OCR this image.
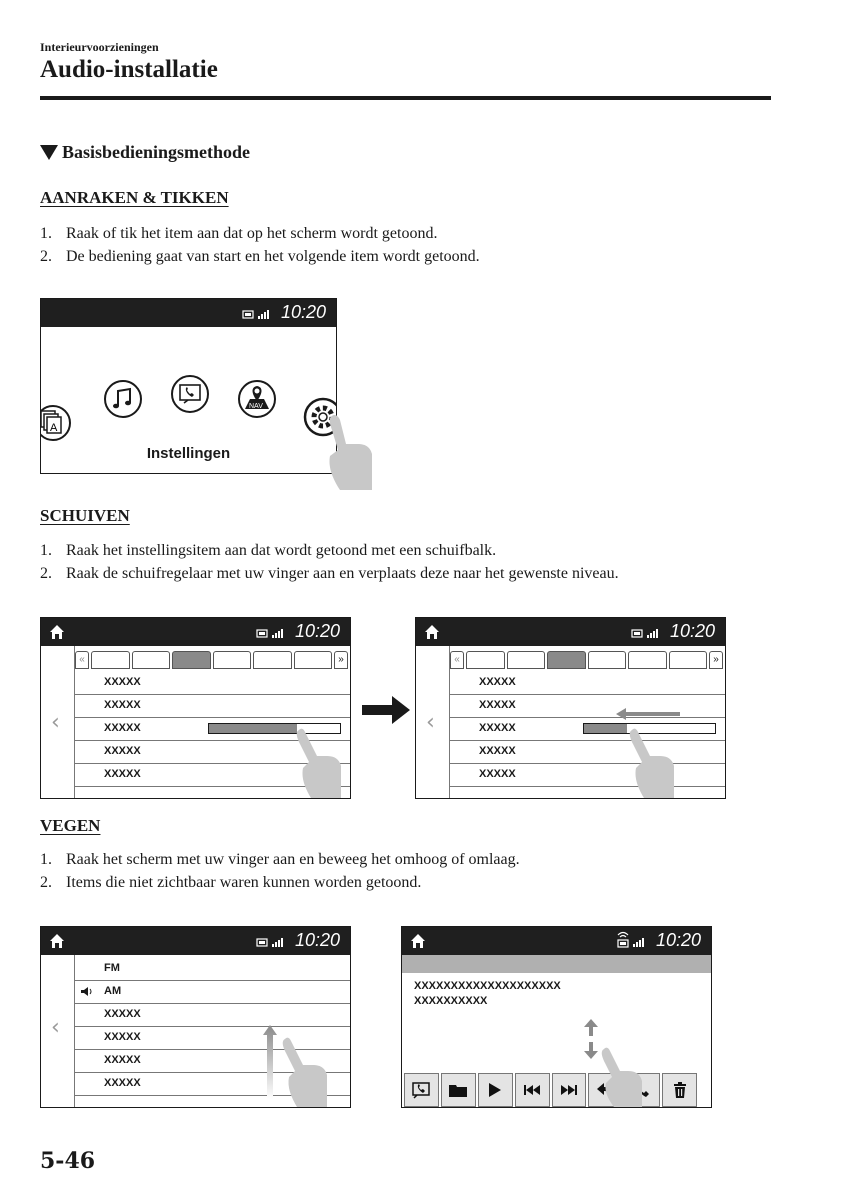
Interieurvoorzieningen
Audio-installatie
Basisbedieningsmethode
AANRAKEN & TIKKEN
1. Raak of tik het item aan dat op het scherm wordt getoond.
2. De bediening gaat van start en het volgende item wordt getoond.
10:20
A
NAV
Instellingen
SCHUIVEN
1. Raak het instellingsitem aan dat wordt getoond met een schuifbalk.
2. Raak de schuifregelaar met uw vinger aan en verplaats deze naar het gewenste niveau.
10:20
«	»
‹
XXXXX
XXXXX
XXXXX
XXXXX
XXXXX
10:20
«	»
‹
XXXXX
XXXXX
XXXXX
XXXXX
XXXXX
VEGEN
1. Raak het scherm met uw vinger aan en beweeg het omhoog of omlaag.
2. Items die niet zichtbaar waren kunnen worden getoond.
10:20
‹
FM
AM
XXXXX
XXXXX
XXXXX
XXXXX
10:20
XXXXXXXXXXXXXXXXXXXX
XXXXXXXXXX
5-46
